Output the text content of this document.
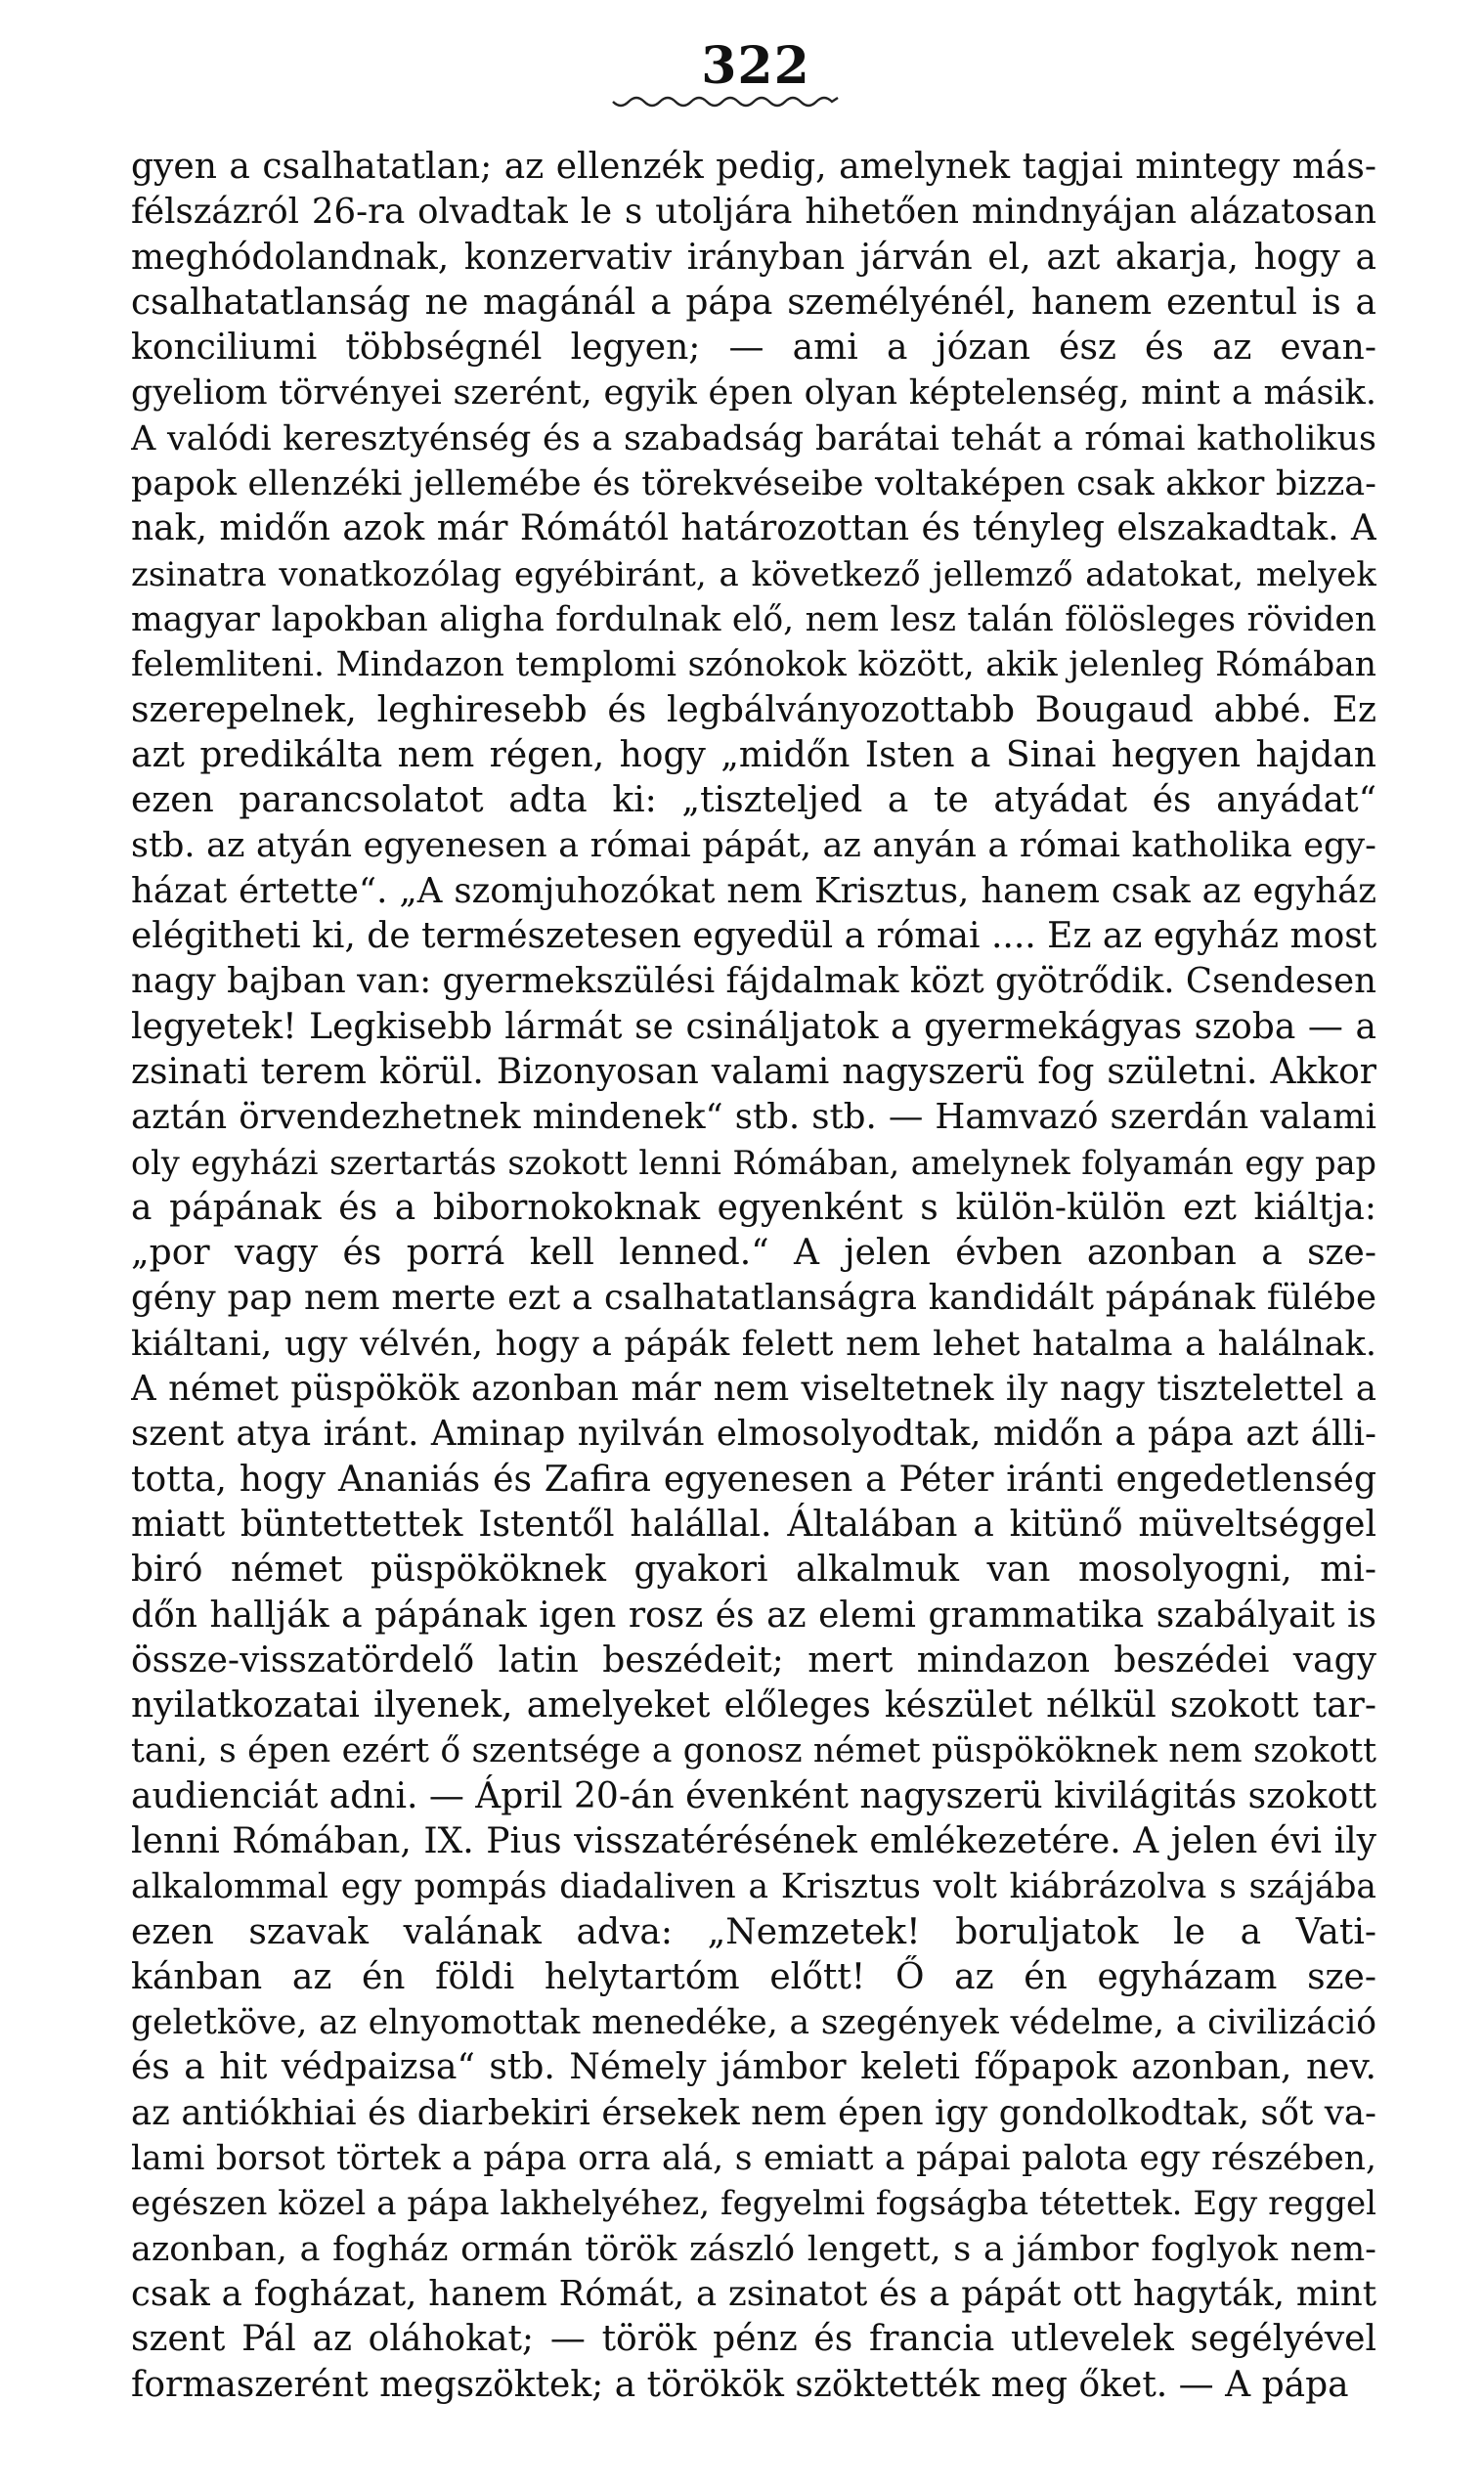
322
gyen a csalhatatlan; az ellenzék pedig, amelynek tagjai mintegy más-
félszázról 26-ra olvadtak le s utoljára hihetően mindnyájan alázatosan
meghódolandnak, konzervativ irányban járván el, azt akarja, hogy a
csalhatatlanság ne magánál a pápa személyénél, hanem ezentul is a
konciliumi többségnél legyen; — ami a józan ész és az evan-
gyeliom törvényei szerént, egyik épen olyan képtelenség, mint a másik.
A valódi keresztyénség és a szabadság barátai tehát a római katholikus
papok ellenzéki jellemébe és törekvéseibe voltaképen csak akkor bizza-
nak, midőn azok már Rómától határozottan és tényleg elszakadtak. A
zsinatra vonatkozólag egyébiránt, a következő jellemző adatokat, melyek
magyar lapokban aligha fordulnak elő, nem lesz talán fölösleges röviden
felemliteni. Mindazon templomi szónokok között, akik jelenleg Rómában
szerepelnek, leghiresebb és legbálványozottabb Bougaud abbé. Ez
azt predikálta nem régen, hogy „midőn Isten a Sinai hegyen hajdan
ezen parancsolatot adta ki: „tiszteljed a te atyádat és anyádat“
stb. az atyán egyenesen a római pápát, az anyán a római katholika egy-
házat értette“. „A szomjuhozókat nem Krisztus, hanem csak az egyház
elégitheti ki, de természetesen egyedül a római .... Ez az egyház most
nagy bajban van: gyermekszülési fájdalmak közt gyötrődik. Csendesen
legyetek! Legkisebb lármát se csináljatok a gyermekágyas szoba — a
zsinati terem körül. Bizonyosan valami nagyszerü fog születni. Akkor
aztán örvendezhetnek mindenek“ stb. stb. — Hamvazó szerdán valami
oly egyházi szertartás szokott lenni Rómában, amelynek folyamán egy pap
a pápának és a bibornokoknak egyenként s külön-külön ezt kiáltja:
„por vagy és porrá kell lenned.“ A jelen évben azonban a sze-
gény pap nem merte ezt a csalhatatlanságra kandidált pápának fülébe
kiáltani, ugy vélvén, hogy a pápák felett nem lehet hatalma a halálnak.
A német püspökök azonban már nem viseltetnek ily nagy tisztelettel a
szent atya iránt. Aminap nyilván elmosolyodtak, midőn a pápa azt álli-
totta, hogy Ananiás és Zafira egyenesen a Péter iránti engedetlenség
miatt büntettettek Istentől halállal. Általában a kitünő müveltséggel
biró német püspököknek gyakori alkalmuk van mosolyogni, mi-
dőn hallják a pápának igen rosz és az elemi grammatika szabályait is
össze-visszatördelő latin beszédeit; mert mindazon beszédei vagy
nyilatkozatai ilyenek, amelyeket előleges készület nélkül szokott tar-
tani, s épen ezért ő szentsége a gonosz német püspököknek nem szokott
audienciát adni. — Ápril 20-án évenként nagyszerü kivilágitás szokott
lenni Rómában, IX. Pius visszatérésének emlékezetére. A jelen évi ily
alkalommal egy pompás diadaliven a Krisztus volt kiábrázolva s szájába
ezen szavak valának adva: „Nemzetek! boruljatok le a Vati-
kánban az én földi helytartóm előtt! Ő az én egyházam sze-
geletköve, az elnyomottak menedéke, a szegények védelme, a civilizáció
és a hit védpaizsa“ stb. Némely jámbor keleti főpapok azonban, nev.
az antiókhiai és diarbekiri érsekek nem épen igy gondolkodtak, sőt va-
lami borsot törtek a pápa orra alá, s emiatt a pápai palota egy részében,
egészen közel a pápa lakhelyéhez, fegyelmi fogságba tétettek. Egy reggel
azonban, a fogház ormán török zászló lengett, s a jámbor foglyok nem-
csak a fogházat, hanem Rómát, a zsinatot és a pápát ott hagyták, mint
szent Pál az oláhokat; — török pénz és francia utlevelek segélyével
formaszerént megszöktek; a törökök szöktették meg őket. — A pápa
